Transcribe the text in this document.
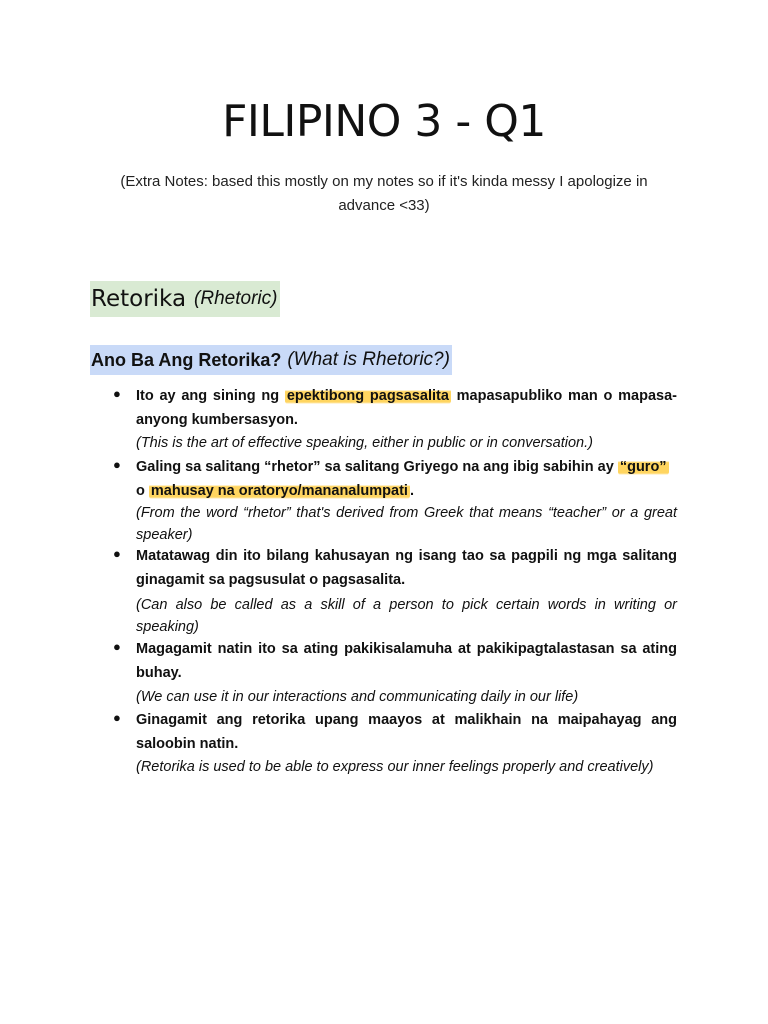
FILIPINO 3 - Q1
(Extra Notes: based this mostly on my notes so if it's kinda messy I apologize in advance <33)
Retorika (Rhetoric)
Ano Ba Ang Retorika? (What is Rhetoric?)
● Ito ay ang sining ng epektibong pagsasalita mapasapubliko man o mapasa-anyong kumbersasyon.
(This is the art of effective speaking, either in public or in conversation.)
● Galing sa salitang “rhetor” sa salitang Griyego na ang ibig sabihin ay “guro”
o mahusay na oratoryo/mananalumpati .
(From the word “rhetor” that's derived from Greek that means “teacher” or a great speaker)
● Matatawag din ito bilang kahusayan ng isang tao sa pagpili ng mga salitang ginagamit sa pagsusulat o pagsasalita.
(Can also be called as a skill of a person to pick certain words in writing or speaking)
● Magagamit natin ito sa ating pakikisalamuha at pakikipagtalastasan sa ating buhay.
(We can use it in our interactions and communicating daily in our life)
● Ginagamit ang retorika upang maayos at malikhain na maipahayag ang saloobin natin.
(Retorika is used to be able to express our inner feelings properly and creatively)
